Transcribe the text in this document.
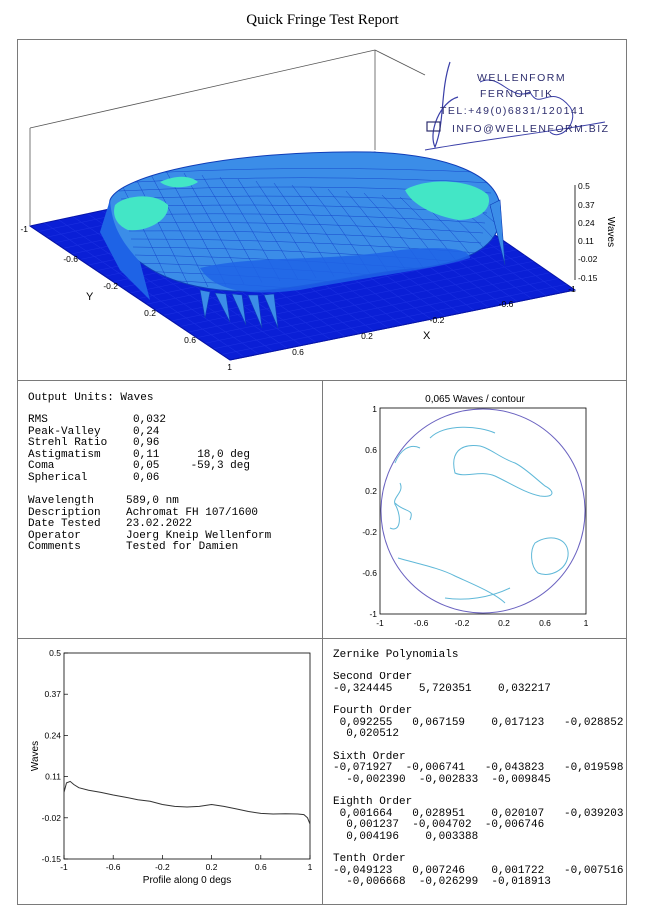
Quick Fringe Test Report
0.5
0.37
0.24
0.11
-0.02
-0.15
Waves
-1
-0.6
-0.2
0.2
0.6
1
Y
0.6
0.2
-0.2
-0.6
-1
X
WELLENFORM
FERNOPTIK
TEL:+49(0)6831/120141
INFO@WELLENFORM.BIZ
Output Units: Waves
RMS	0,032
Peak-Valley	0,24
Strehl Ratio 0,96
Astigmatism	0,11	18,0 deg
Coma	0,05	-59,3 deg
Spherical	0,06
Wavelength	589,0 nm
Description Achromat FH 107/1600
Date Tested 23.02.2022
Operator	Joerg Kneip Wellenform
Comments	Tested for Damien
0,065 Waves / contour
1
0.6
0.2
-0.2
-0.6
-1
-1	-0.6	-0.2	0.2	0.6	1
0.5
0.37
0.24
0.11
-0.02
-0.15
-1	-0.6	-0.2	0.2	0.6	1
Profile along 0 degs
Waves
Zernike Polynomials
Second Order
-0,324445    5,720351    0,032217
Fourth Order
0,092255   0,067159    0,017123   -0,028852
0,020512
Sixth Order
-0,071927  -0,006741   -0,043823   -0,019598
-0,002390  -0,002833  -0,009845
Eighth Order
0,001664   0,028951    0,020107   -0,039203
0,001237  -0,004702  -0,006746
0,004196    0,003388
Tenth Order
-0,049123   0,007246    0,001722   -0,007516
-0,006668  -0,026299  -0,018913
